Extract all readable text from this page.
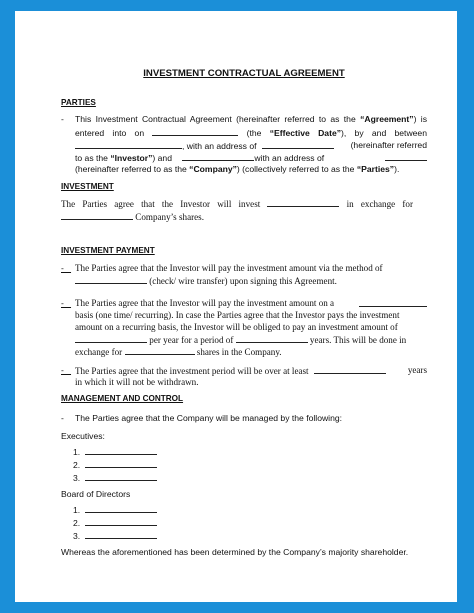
INVESTMENT CONTRACTUAL AGREEMENT
PARTIES
- This Investment Contractual Agreement (hereinafter referred to as the “Agreement”) is
entered into on	(the “Effective Date”), by and between
, with an address of	(hereinafter referred
to as the “Investor”) and	with an address of
(hereinafter referred to as the “Company”) (collectively referred to as the “Parties”).
INVESTMENT
The Parties agree that the Investor will invest	in exchange for
Company’s shares.
INVESTMENT PAYMENT
- The Parties agree that the Investor will pay the investment amount via the method of
(check/ wire transfer) upon signing this Agreement.
- The Parties agree that the Investor will pay the investment amount on a
basis (one time/ recurring). In case the Parties agree that the Investor pays the investment
amount on a recurring basis, the Investor will be obliged to pay an investment amount of
per year for a period of	years. This will be done in
exchange for	shares in the Company.
- The Parties agree that the investment period will be over at least	years
in which it will not be withdrawn.
MANAGEMENT AND CONTROL
- The Parties agree that the Company will be managed by the following:
Executives:
1.
2.
3.
Board of Directors
1.
2.
3.
Whereas the aforementioned has been determined by the Company’s majority shareholder.
